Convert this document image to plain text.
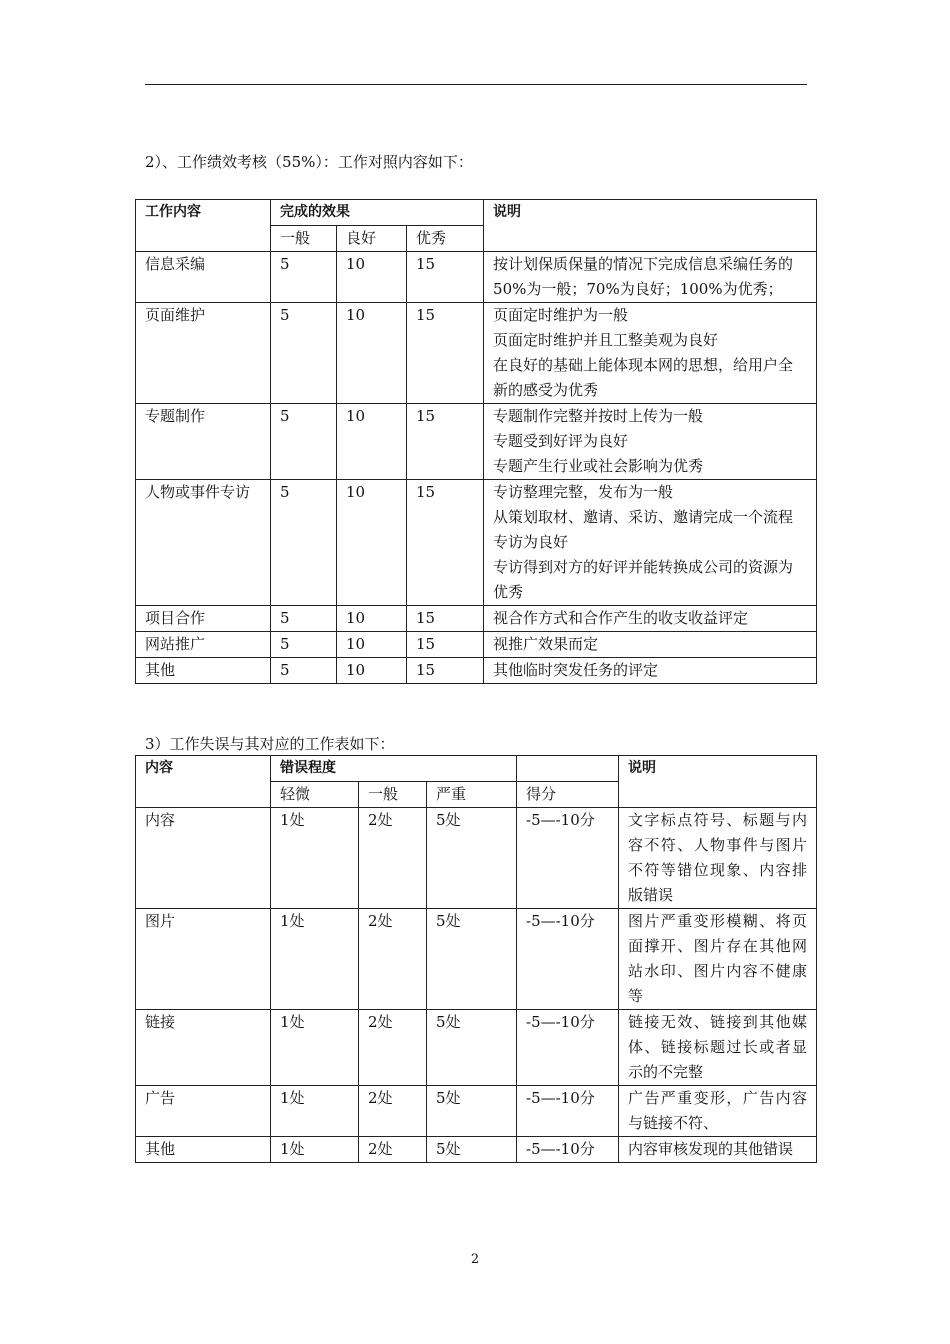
2）、工作绩效考核（55%）：工作对照内容如下：
工作内容	完成的效果			说明
	一般	良好	优秀	
信息采编	5	10	15	按计划保质保量的情况下完成信息采编任务的50%为一般；70%为良好；100%为优秀；

页面维护	5	10	15	页面定时维护为一般
页面定时维护并且工整美观为良好
在良好的基础上能体现本网的思想，给用户全新的感受为优秀

专题制作	5	10	15	专题制作完整并按时上传为一般
专题受到好评为良好
专题产生行业或社会影响为优秀

人物或事件专访	5	10	15	专访整理完整，发布为一般
从策划取材、邀请、采访、邀请完成一个流程专访为良好
专访得到对方的好评并能转换成公司的资源为优秀

项目合作	5	10	15	视合作方式和合作产生的收支收益评定

网站推广	5	10	15	视推广效果而定

其他	5	10	15	其他临时突发任务的评定
3）工作失误与其对应的工作表如下：
内容	错误程度				说明
	轻微	一般	严重	得分	
内容	1处	2处	5处	-5—-10分	文字标点符号、标题与内容不符、人物事件与图片不符等错位现象、内容排版错误
图片	1处	2处	5处	-5—-10分	图片严重变形模糊、将页面撑开、图片存在其他网站水印、图片内容不健康等
链接	1处	2处	5处	-5—-10分	链接无效、链接到其他媒体、链接标题过长或者显示的不完整
广告	1处	2处	5处	-5—-10分	广告严重变形，广告内容与链接不符、
其他	1处	2处	5处	-5—-10分	内容审核发现的其他错误
2
